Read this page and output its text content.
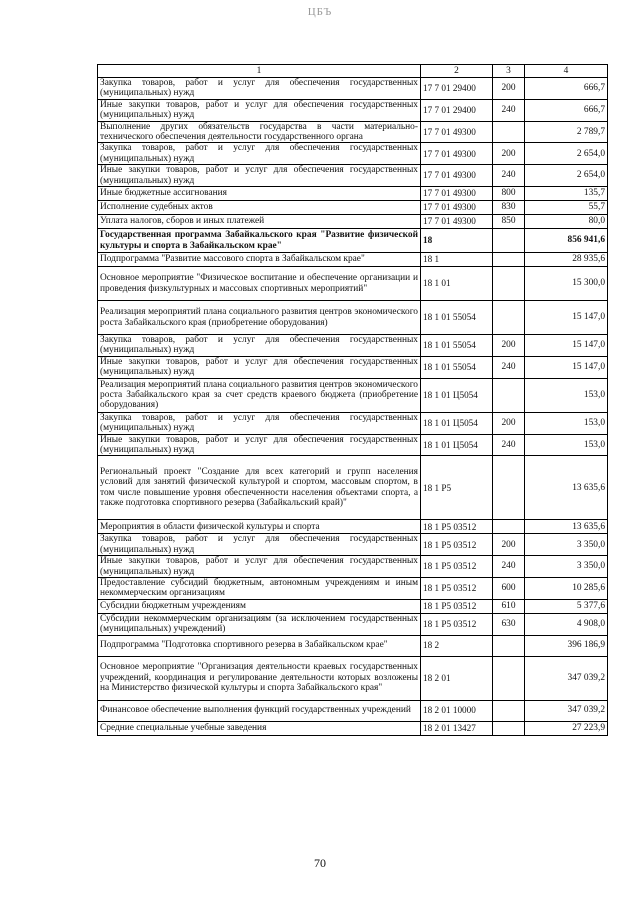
ЦБЪ
1	2	3	4
Закупка товаров, работ и услуг для обеспечения государственных (муниципальных) нужд	17 7 01 29400	200	666,7
Иные закупки товаров, работ и услуг для обеспечения государственных (муниципальных) нужд	17 7 01 29400	240	666,7
Выполнение других обязательств государства в части материально-технического обеспечения деятельности государственного органа	17 7 01 49300		2 789,7
Закупка товаров, работ и услуг для обеспечения государственных (муниципальных) нужд	17 7 01 49300	200	2 654,0
Иные закупки товаров, работ и услуг для обеспечения государственных (муниципальных) нужд	17 7 01 49300	240	2 654,0
Иные бюджетные ассигнования	17 7 01 49300	800	135,7
Исполнение судебных актов	17 7 01 49300	830	55,7
Уплата налогов, сборов и иных платежей	17 7 01 49300	850	80,0
Государственная программа Забайкальского края "Развитие физической культуры и спорта в Забайкальском крае"	18		856 941,6
Подпрограмма "Развитие массового спорта в Забайкальском крае"	18 1		28 935,6
Основное мероприятие "Физическое воспитание и обеспечение организации и проведения физкультурных и массовых спортивных мероприятий"	18 1 01		15 300,0
Реализация мероприятий плана социального развития центров экономического роста Забайкальского края (приобретение оборудования)	18 1 01 55054		15 147,0
Закупка товаров, работ и услуг для обеспечения государственных (муниципальных) нужд	18 1 01 55054	200	15 147,0
Иные закупки товаров, работ и услуг для обеспечения государственных (муниципальных) нужд	18 1 01 55054	240	15 147,0
Реализация мероприятий плана социального развития центров экономического роста Забайкальского края за счет средств краевого бюджета (приобретение оборудования)	18 1 01 Ц5054		153,0
Закупка товаров, работ и услуг для обеспечения государственных (муниципальных) нужд	18 1 01 Ц5054	200	153,0
Иные закупки товаров, работ и услуг для обеспечения государственных (муниципальных) нужд	18 1 01 Ц5054	240	153,0
Региональный проект "Создание для всех категорий и групп населения условий для занятий физической культурой и спортом, массовым спортом, в том числе повышение уровня обеспеченности населения объектами спорта, а также подготовка спортивного резерва (Забайкальский край)"	18 1 P5		13 635,6
Мероприятия в области физической культуры и спорта	18 1 P5 03512		13 635,6
Закупка товаров, работ и услуг для обеспечения государственных (муниципальных) нужд	18 1 P5 03512	200	3 350,0
Иные закупки товаров, работ и услуг для обеспечения государственных (муниципальных) нужд	18 1 P5 03512	240	3 350,0
Предоставление субсидий бюджетным, автономным учреждениям и иным некоммерческим организациям	18 1 P5 03512	600	10 285,6
Субсидии бюджетным учреждениям	18 1 P5 03512	610	5 377,6
Субсидии некоммерческим организациям (за исключением государственных (муниципальных) учреждений)	18 1 P5 03512	630	4 908,0
Подпрограмма "Подготовка спортивного резерва в Забайкальском крае"	18 2		396 186,9
Основное мероприятие "Организация деятельности краевых государственных учреждений, координация и регулирование деятельности которых возложены на Министерство физической культуры и спорта Забайкальского края"	18 2 01		347 039,2
Финансовое обеспечение выполнения функций государственных учреждений	18 2 01 10000		347 039,2
Средние специальные учебные заведения	18 2 01 13427		27 223,9
70
